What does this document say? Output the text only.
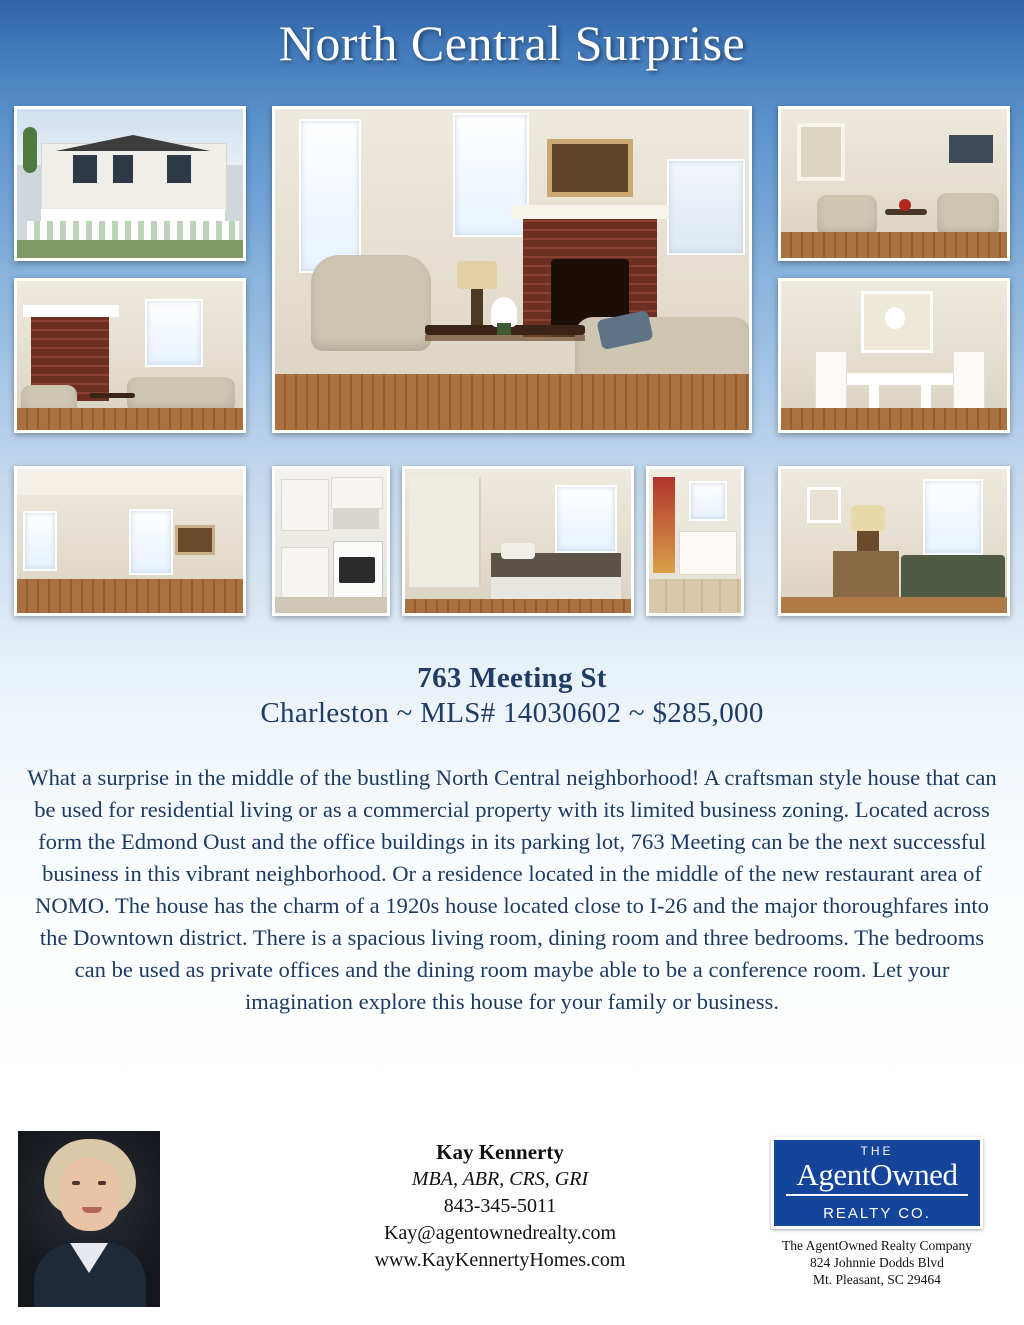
North Central Surprise
763 Meeting St
Charleston ~ MLS# 14030602 ~ $285,000
What a surprise in the middle of the bustling North Central neighborhood! A craftsman style house that can be used for residential living or as a commercial property with its limited business zoning. Located across form the Edmond Oust and the office buildings in its parking lot, 763 Meeting can be the next successful business in this vibrant neighborhood. Or a residence located in the middle of the new restaurant area of NOMO. The house has the charm of a 1920s house located close to I-26 and the major thoroughfares into the Downtown district. There is a spacious living room, dining room and three bedrooms. The bedrooms can be used as private offices and the dining room maybe able to be a conference room. Let your imagination explore this house for your family or business.
Kay Kennerty
MBA, ABR, CRS, GRI
843-345-5011
Kay@agentownedrealty.com
www.KayKennertyHomes.com
THE
AgentOwned
REALTY CO.
The AgentOwned Realty Company
824 Johnnie Dodds Blvd
Mt. Pleasant, SC 29464
